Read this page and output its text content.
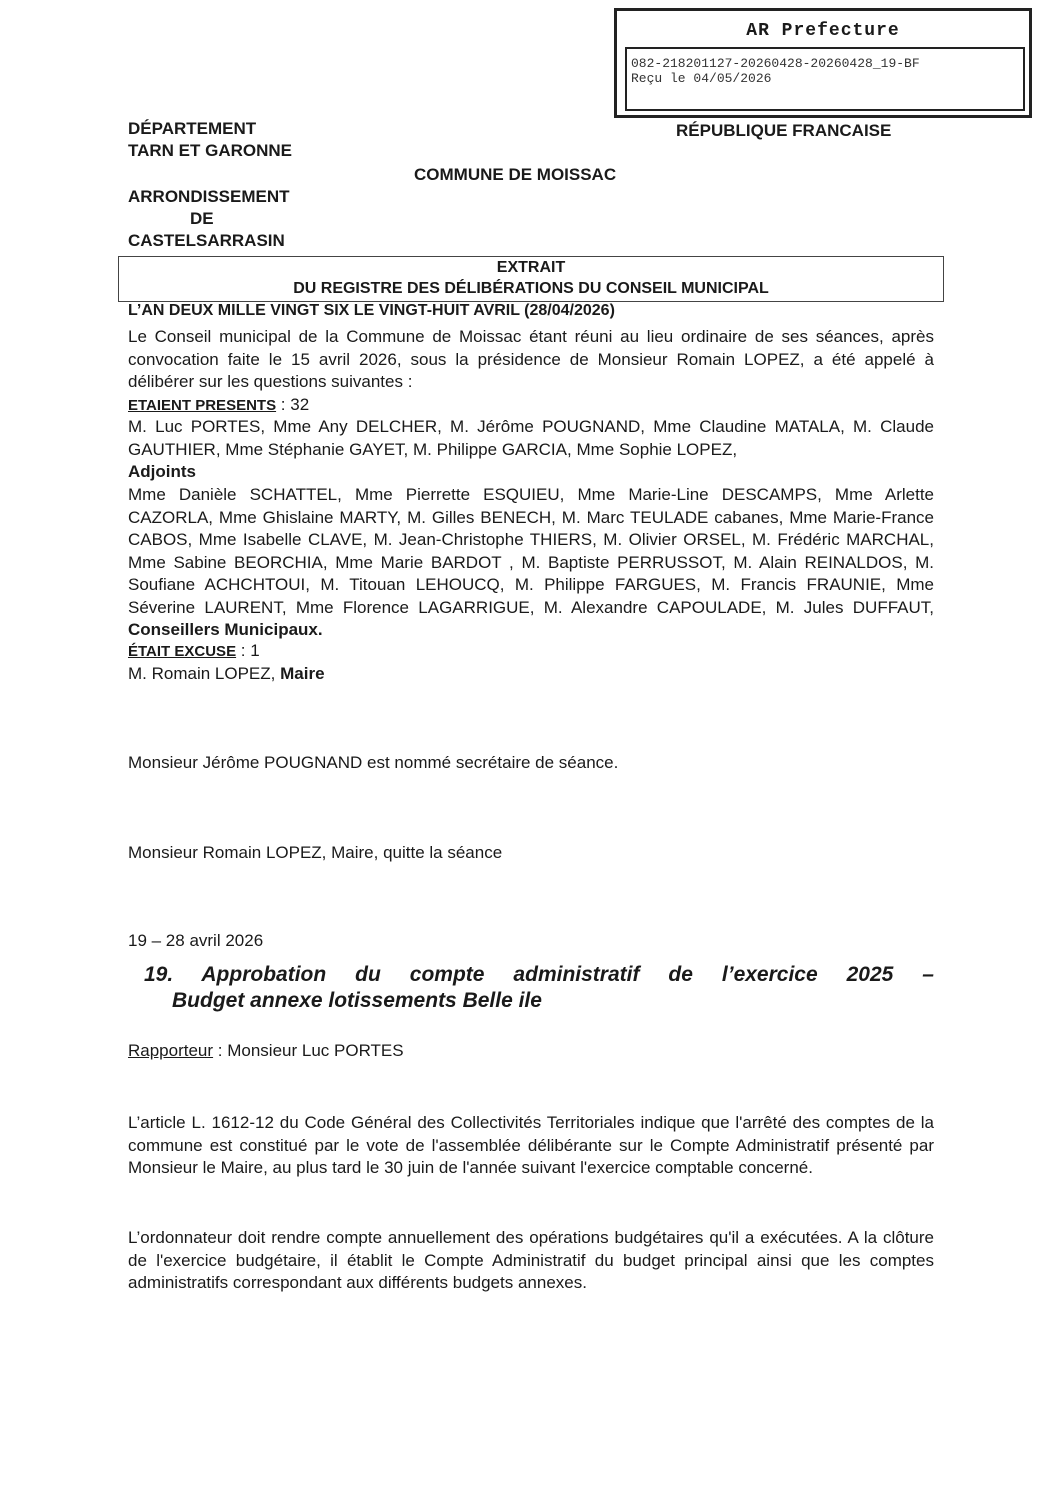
AR Prefecture
082-218201127-20260428-20260428_19-BF
Reçu le 04/05/2026
DÉPARTEMENT
TARN ET GARONNE
RÉPUBLIQUE FRANCAISE
COMMUNE DE MOISSAC
ARRONDISSEMENT
DE
CASTELSARRASIN
EXTRAIT
DU REGISTRE DES DÉLIBÉRATIONS DU CONSEIL MUNICIPAL
L’AN DEUX MILLE VINGT SIX LE VINGT-HUIT AVRIL (28/04/2026)
Le Conseil municipal de la Commune de Moissac étant réuni au lieu ordinaire de ses séances, après convocation faite le 15 avril 2026, sous la présidence de Monsieur Romain LOPEZ, a été appelé à délibérer sur les questions suivantes :
ETAIENT PRESENTS : 32
M. Luc PORTES, Mme Any DELCHER, M. Jérôme POUGNAND, Mme Claudine MATALA, M. Claude GAUTHIER, Mme Stéphanie GAYET, M. Philippe GARCIA, Mme Sophie LOPEZ,
Adjoints
Mme Danièle SCHATTEL, Mme Pierrette ESQUIEU, Mme Marie-Line DESCAMPS, Mme Arlette CAZORLA, Mme Ghislaine MARTY, M. Gilles BENECH, M. Marc TEULADE cabanes, Mme Marie-France CABOS, Mme Isabelle CLAVE, M. Jean-Christophe THIERS, M. Olivier ORSEL, M. Frédéric MARCHAL, Mme Sabine BEORCHIA, Mme Marie BARDOT , M. Baptiste PERRUSSOT, M. Alain REINALDOS, M. Soufiane ACHCHTOUI, M. Titouan LEHOUCQ, M. Philippe FARGUES, M. Francis FRAUNIE, Mme Séverine LAURENT, Mme Florence LAGARRIGUE, M. Alexandre CAPOULADE, M. Jules DUFFAUT, Conseillers Municipaux.
ÉTAIT EXCUSE : 1
M. Romain LOPEZ, Maire
Monsieur Jérôme POUGNAND est nommé secrétaire de séance.
Monsieur Romain LOPEZ, Maire, quitte la séance
19 – 28 avril 2026
19. Approbation du compte administratif de l’exercice 2025 –
Budget annexe lotissements Belle ile
Rapporteur : Monsieur Luc PORTES
L’article L. 1612-12 du Code Général des Collectivités Territoriales indique que l'arrêté des comptes de la commune est constitué par le vote de l'assemblée délibérante sur le Compte Administratif présenté par Monsieur le Maire, au plus tard le 30 juin de l'année suivant l'exercice comptable concerné.
L’ordonnateur doit rendre compte annuellement des opérations budgétaires qu'il a exécutées. A la clôture de l'exercice budgétaire, il établit le Compte Administratif du budget principal ainsi que les comptes administratifs correspondant aux différents budgets annexes.
